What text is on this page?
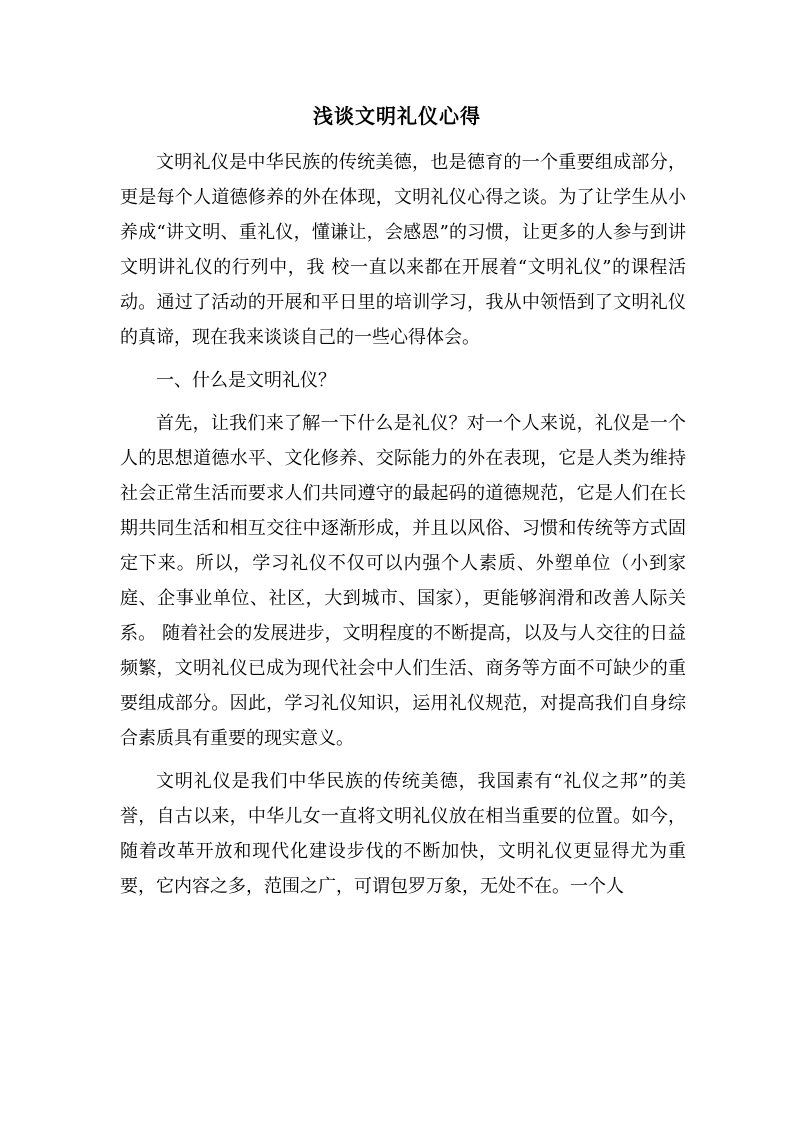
浅谈文明礼仪心得

文明礼仪是中华民族的传统美德，也是德育的一个重要组成部分，更是每个人道德修养的外在体现，文明礼仪心得之谈。为了让学生从小养成“讲文明、重礼仪，懂谦让，会感恩”的习惯，让更多的人参与到讲文明讲礼仪的行列中，我 校一直以来都在开展着“文明礼仪”的课程活动。通过了活动的开展和平日里的培训学习，我从中领悟到了文明礼仪的真谛，现在我来谈谈自己的一些心得体会。

一、什么是文明礼仪？

首先，让我们来了解一下什么是礼仪？对一个人来说，礼仪是一个人的思想道德水平、文化修养、交际能力的外在表现，它是人类为维持社会正常生活而要求人们共同遵守的最起码的道德规范，它是人们在长期共同生活和相互交往中逐渐形成，并且以风俗、习惯和传统等方式固定下来。所以，学习礼仪不仅可以内强个人素质、外塑单位（小到家庭、企事业单位、社区，大到城市、国家），更能够润滑和改善人际关系。 随着社会的发展进步，文明程度的不断提高，以及与人交往的日益频繁，文明礼仪已成为现代社会中人们生活、商务等方面不可缺少的重要组成部分。因此，学习礼仪知识，运用礼仪规范，对提高我们自身综合素质具有重要的现实意义。

文明礼仪是我们中华民族的传统美德，我国素有“礼仪之邦”的美誉，自古以来，中华儿女一直将文明礼仪放在相当重要的位置。如今，随着改革开放和现代化建设步伐的不断加快，文明礼仪更显得尤为重要，它内容之多，范围之广，可谓包罗万象，无处不在。一个人
